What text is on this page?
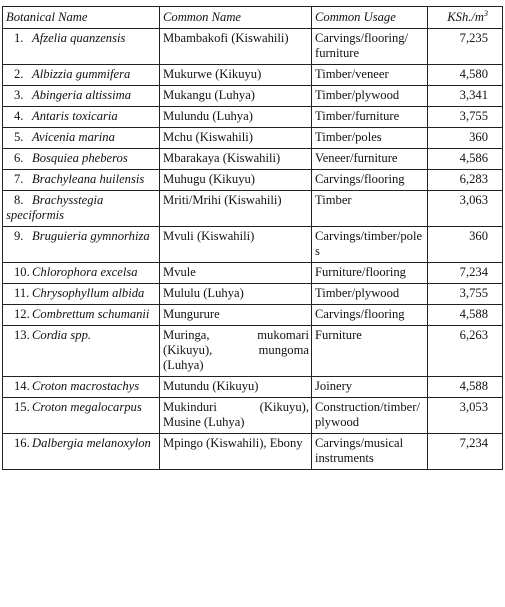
Botanical Name	Common Name	Common Usage	$KSh./m^3$
1. Afzelia quanzensis	Mbambakofi (Kiswahili)	Carvings/flooring/ furniture	7,235
2. Albizzia gummifera	Mukurwe (Kikuyu)	Timber/veneer	4,580
3. Abingeria altissima	Mukangu (Luhya)	Timber/plywood	3,341
4. Antaris toxicaria	Mulundu (Luhya)	Timber/furniture	3,755
5. Avicenia marina	Mchu (Kiswahili)	Timber/poles	360
6. Bosquiea pheberos	Mbarakaya (Kiswahili)	Veneer/furniture	4,586
7. Brachyleana huilensis	Muhugu (Kikuyu)	Carvings/flooring	6,283
8. Brachysstegia speciformis	Mriti/Mrihi (Kiswahili)	Timber	3,063
9. Bruguieria gymnorhiza	Mvuli (Kiswahili)	Carvings/timber/pole s	360
10. Chlorophora excelsa	Mvule	Furniture/flooring	7,234
11. Chrysophyllum albida	Mululu (Luhya)	Timber/plywood	3,755
12. Combrettum schumanii	Mungurure	Carvings/flooring	4,588
13. Cordia spp.	Muringa, mukomari (Kikuyu), mungoma (Luhya)	Furniture	6,263
14. Croton macrostachys	Mutundu (Kikuyu)	Joinery	4,588
15. Croton megalocarpus	Mukinduri (Kikuyu), Musine (Luhya)	Construction/timber/ plywood	3,053
16. Dalbergia melanoxylon	Mpingo (Kiswahili), Ebony	Carvings/musical instruments	7,234
